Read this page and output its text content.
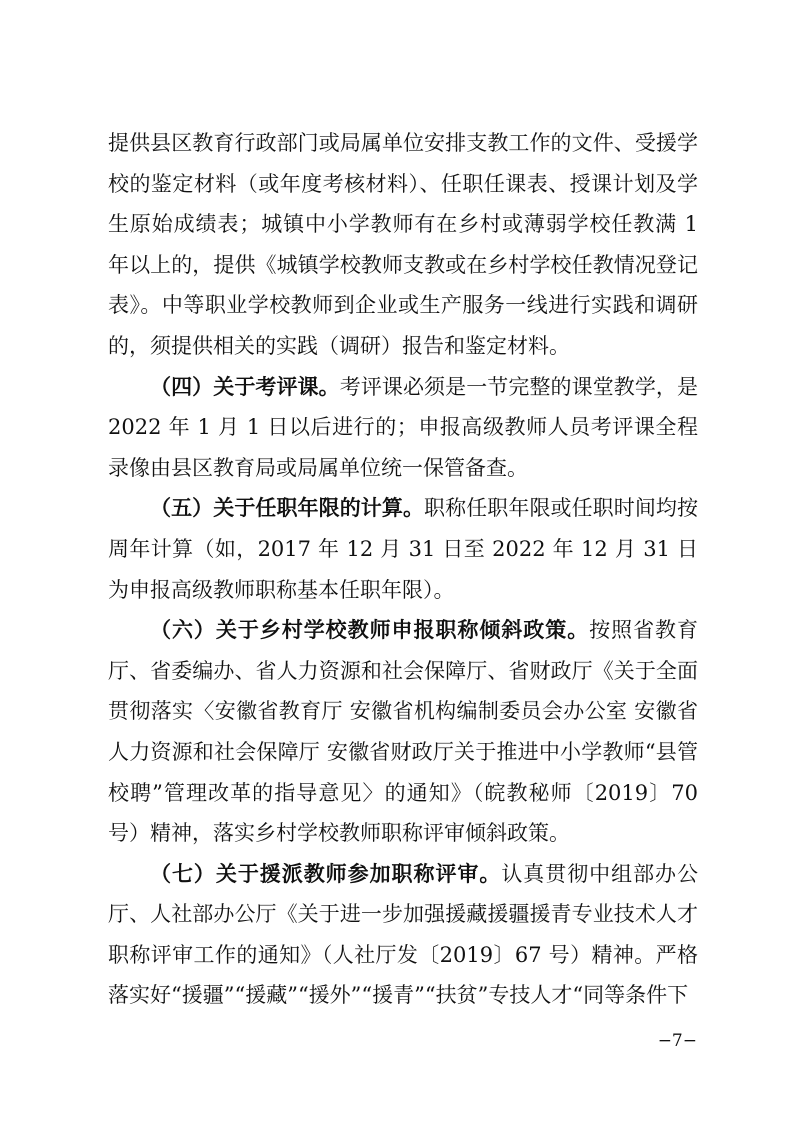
提供县区教育行政部门或局属单位安排支教工作的文件、受援学校的鉴定材料（或年度考核材料）、任职任课表、授课计划及学生原始成绩表；城镇中小学教师有在乡村或薄弱学校任教满 1 年以上的，提供《城镇学校教师支教或在乡村学校任教情况登记表》。中等职业学校教师到企业或生产服务一线进行实践和调研的，须提供相关的实践（调研）报告和鉴定材料。

（四）关于考评课。考评课必须是一节完整的课堂教学，是 2022 年 1 月 1 日以后进行的；申报高级教师人员考评课全程录像由县区教育局或局属单位统一保管备查。

（五）关于任职年限的计算。职称任职年限或任职时间均按周年计算（如，2017 年 12 月 31 日至 2022 年 12 月 31 日为申报高级教师职称基本任职年限）。

（六）关于乡村学校教师申报职称倾斜政策。按照省教育厅、省委编办、省人力资源和社会保障厅、省财政厅《关于全面贯彻落实〈安徽省教育厅 安徽省机构编制委员会办公室 安徽省人力资源和社会保障厅 安徽省财政厅关于推进中小学教师“县管校聘”管理改革的指导意见〉的通知》（皖教秘师〔2019〕70 号）精神，落实乡村学校教师职称评审倾斜政策。

（七）关于援派教师参加职称评审。认真贯彻中组部办公厅、人社部办公厅《关于进一步加强援藏援疆援青专业技术人才职称评审工作的通知》（人社厅发〔2019〕67 号）精神。严格落实好“援疆”“援藏”“援外”“援青”“扶贫”专技人才“同等条件下

−7−
